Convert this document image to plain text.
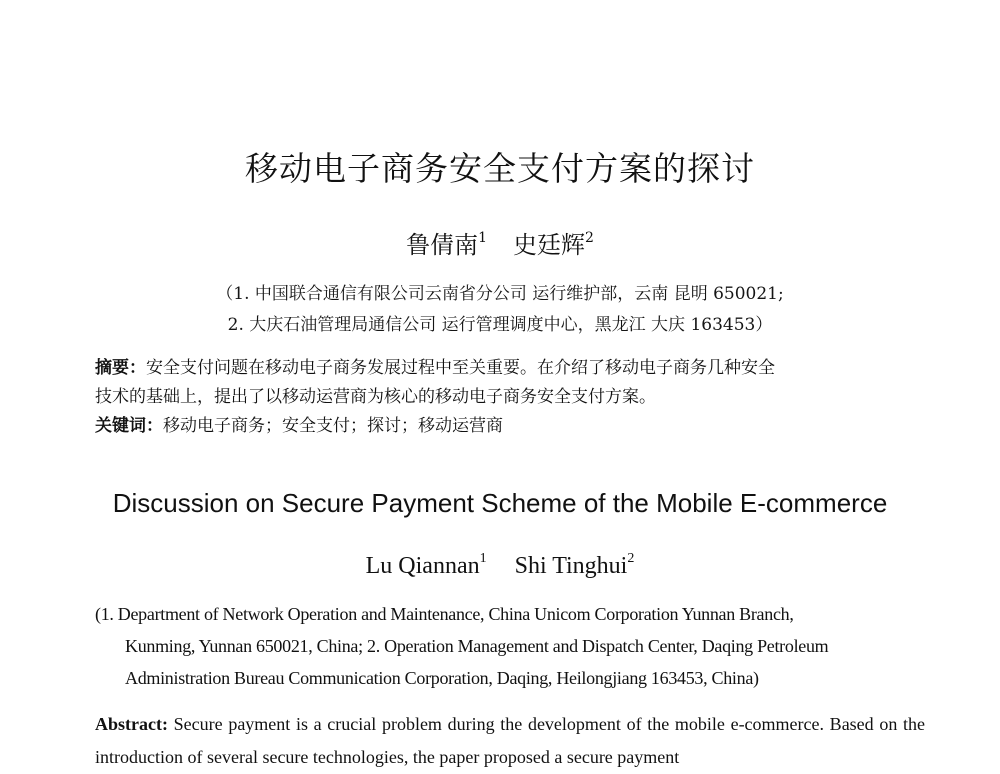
移动电子商务安全支付方案的探讨
鲁倩南$^1$ 史廷辉$^2$
（1. 中国联合通信有限公司云南省分公司 运行维护部，云南 昆明 650021;
2. 大庆石油管理局通信公司 运行管理调度中心，黑龙江 大庆 163453）
摘要：安全支付问题在移动电子商务发展过程中至关重要。在介绍了移动电子商务几种安全
技术的基础上，提出了以移动运营商为核心的移动电子商务安全支付方案。
关键词：移动电子商务；安全支付；探讨；移动运营商
Discussion on Secure Payment Scheme of the Mobile E-commerce
Lu Qiannan$^1$ Shi Tinghui$^2$
(1. Department of Network Operation and Maintenance, China Unicom Corporation Yunnan Branch,
Kunming, Yunnan 650021, China; 2. Operation Management and Dispatch Center, Daqing Petroleum
Administration Bureau Communication Corporation, Daqing, Heilongjiang 163453, China)
Abstract: Secure payment is a crucial problem during the development of the mobile e-commerce. Based on the introduction of several secure technologies, the paper proposed a secure payment
